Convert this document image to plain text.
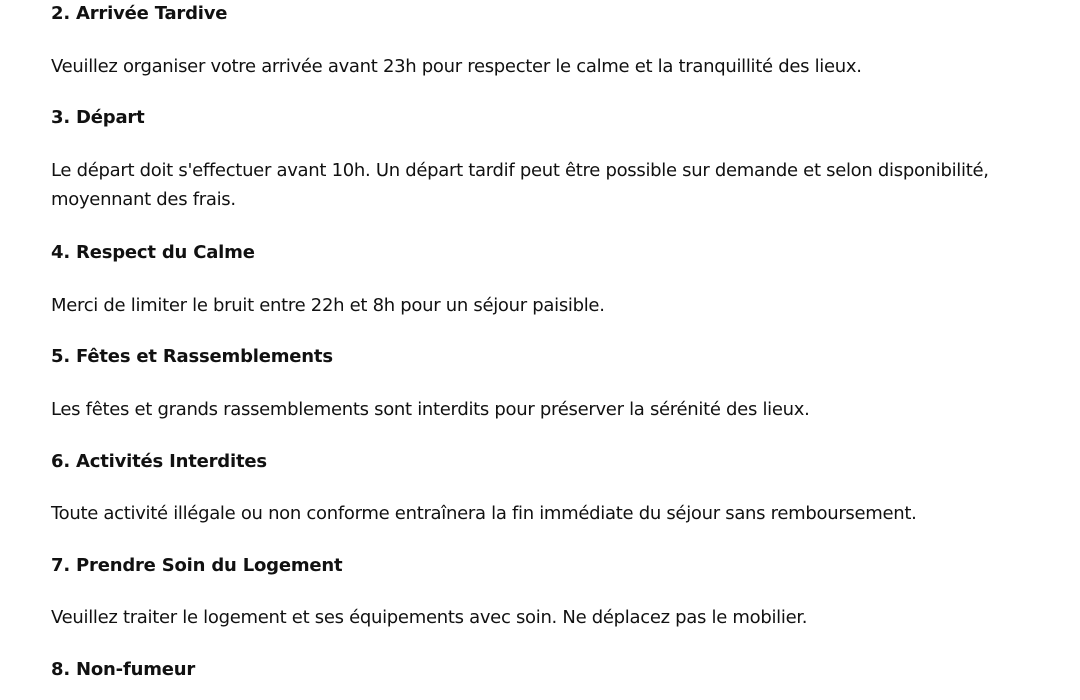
2. Arrivée Tardive
Veuillez organiser votre arrivée avant 23h pour respecter le calme et la tranquillité des lieux.
3. Départ
Le départ doit s'effectuer avant 10h. Un départ tardif peut être possible sur demande et selon disponibilité, moyennant des frais.
4. Respect du Calme
Merci de limiter le bruit entre 22h et 8h pour un séjour paisible.
5. Fêtes et Rassemblements
Les fêtes et grands rassemblements sont interdits pour préserver la sérénité des lieux.
6. Activités Interdites
Toute activité illégale ou non conforme entraînera la fin immédiate du séjour sans remboursement.
7. Prendre Soin du Logement
Veuillez traiter le logement et ses équipements avec soin. Ne déplacez pas le mobilier.
8. Non-fumeur
